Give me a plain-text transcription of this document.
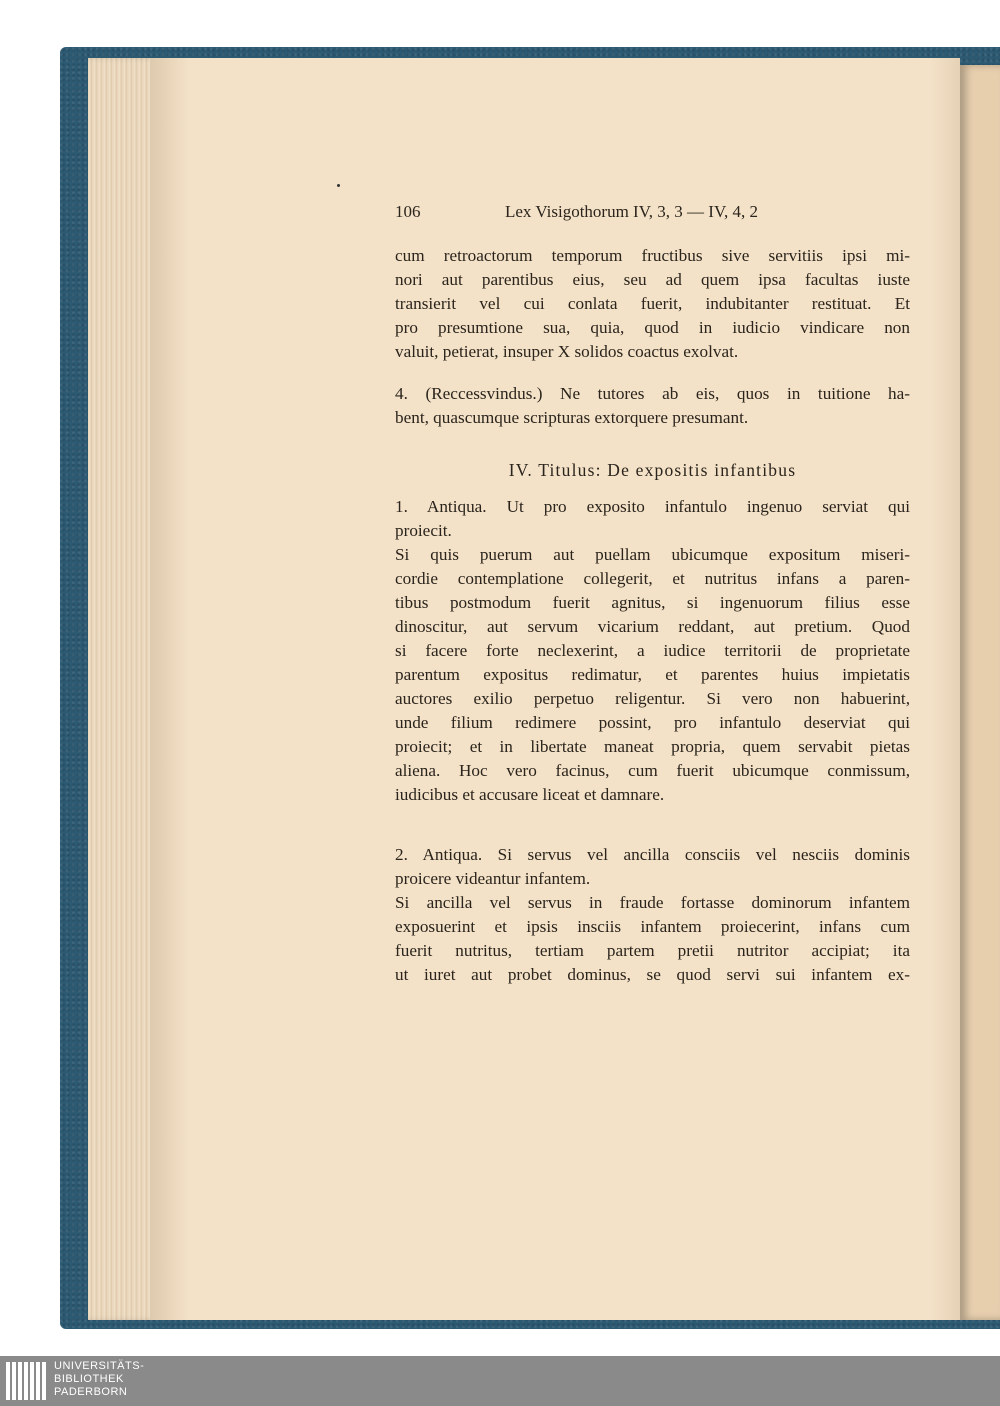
106	Lex Visigothorum IV, 3, 3 — IV, 4, 2
cum retroactorum temporum fructibus sive servitiis ipsi mi-
nori aut parentibus eius, seu ad quem ipsa facultas iuste
transierit vel cui conlata fuerit, indubitanter restituat. Et
pro presumtione sua, quia, quod in iudicio vindicare non
valuit, petierat, insuper X solidos coactus exolvat.
4. (Reccessvindus.) Ne tutores ab eis, quos in tuitione ha-
bent, quascumque scripturas extorquere presumant.
IV. Titulus: De expositis infantibus
1. Antiqua. Ut pro exposito infantulo ingenuo serviat qui
proiecit.
Si quis puerum aut puellam ubicumque expositum miseri-
cordie contemplatione collegerit, et nutritus infans a paren-
tibus postmodum fuerit agnitus, si ingenuorum filius esse
dinoscitur, aut servum vicarium reddant, aut pretium. Quod
si facere forte neclexerint, a iudice territorii de proprietate
parentum expositus redimatur, et parentes huius impietatis
auctores exilio perpetuo religentur. Si vero non habuerint,
unde filium redimere possint, pro infantulo deserviat qui
proiecit; et in libertate maneat propria, quem servabit pietas
aliena. Hoc vero facinus, cum fuerit ubicumque conmissum,
iudicibus et accusare liceat et damnare.
2. Antiqua. Si servus vel ancilla consciis vel nesciis dominis
proicere videantur infantem.
Si ancilla vel servus in fraude fortasse dominorum infantem
exposuerint et ipsis insciis infantem proiecerint, infans cum
fuerit nutritus, tertiam partem pretii nutritor accipiat; ita
ut iuret aut probet dominus, se quod servi sui infantem ex-
UNIVERSITÄTS-
BIBLIOTHEK
PADERBORN
